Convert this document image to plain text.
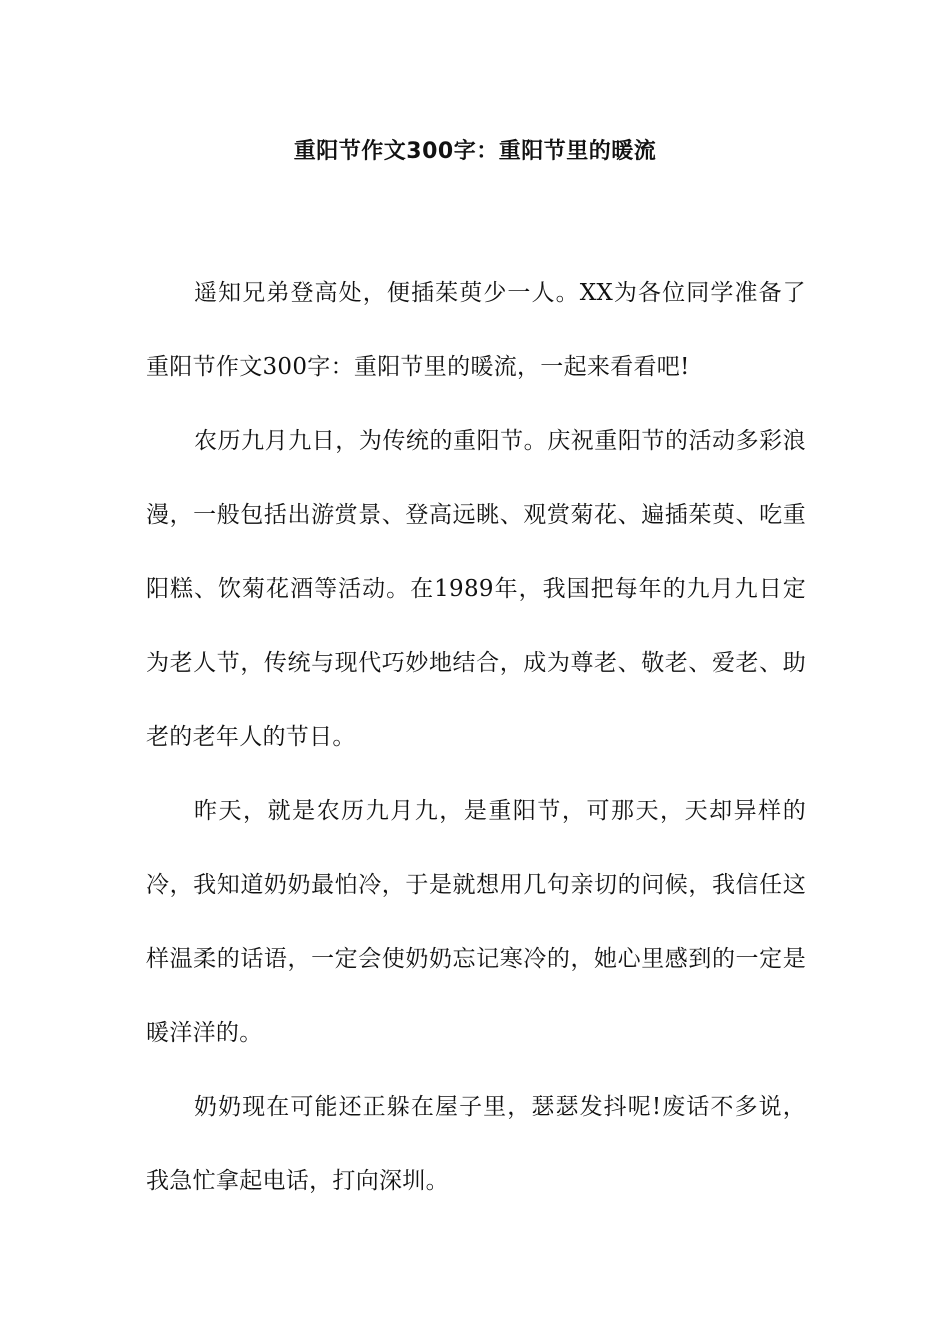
重阳节作文300字：重阳节里的暖流

遥知兄弟登高处，便插茱萸少一人。XX为各位同学准备了重阳节作文300字：重阳节里的暖流，一起来看看吧!

农历九月九日，为传统的重阳节。庆祝重阳节的活动多彩浪漫，一般包括出游赏景、登高远眺、观赏菊花、遍插茱萸、吃重阳糕、饮菊花酒等活动。在1989年，我国把每年的九月九日定为老人节，传统与现代巧妙地结合，成为尊老、敬老、爱老、助老的老年人的节日。

昨天，就是农历九月九，是重阳节，可那天，天却异样的冷，我知道奶奶最怕冷，于是就想用几句亲切的问候，我信任这样温柔的话语，一定会使奶奶忘记寒冷的，她心里感到的一定是暖洋洋的。

奶奶现在可能还正躲在屋子里，瑟瑟发抖呢!废话不多说，我急忙拿起电话，打向深圳。
